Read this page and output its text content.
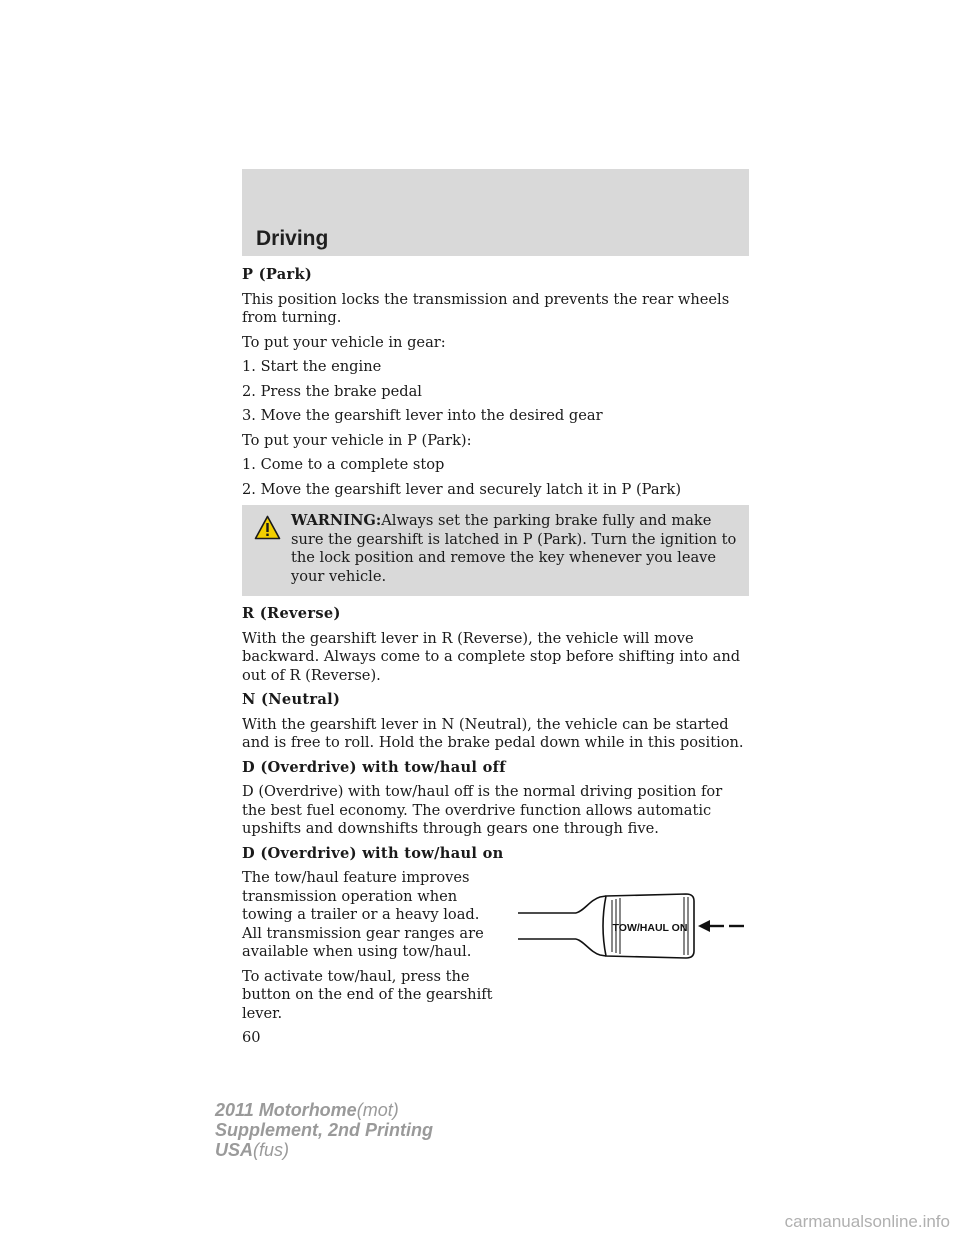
Driving

P (Park)

This position locks the transmission and prevents the rear wheels from turning.

To put your vehicle in gear:

1. Start the engine

2. Press the brake pedal

3. Move the gearshift lever into the desired gear

To put your vehicle in P (Park):

1. Come to a complete stop

2. Move the gearshift lever and securely latch it in P (Park)

WARNING:Always set the parking brake fully and make sure the gearshift is latched in P (Park). Turn the ignition to the lock position and remove the key whenever you leave your vehicle.

R (Reverse)

With the gearshift lever in R (Reverse), the vehicle will move backward. Always come to a complete stop before shifting into and out of R (Reverse).

N (Neutral)

With the gearshift lever in N (Neutral), the vehicle can be started and is free to roll. Hold the brake pedal down while in this position.

D (Overdrive) with tow/haul off

D (Overdrive) with tow/haul off is the normal driving position for the best fuel economy. The overdrive function allows automatic upshifts and downshifts through gears one through five.

D (Overdrive) with tow/haul on

The tow/haul feature improves transmission operation when towing a trailer or a heavy load. All transmission gear ranges are available when using tow/haul.

To activate tow/haul, press the button on the end of the gearshift lever.

TOW/HAUL ON

60

2011 Motorhome(mot)
Supplement, 2nd Printing
USA(fus)
carmanualsonline.info
